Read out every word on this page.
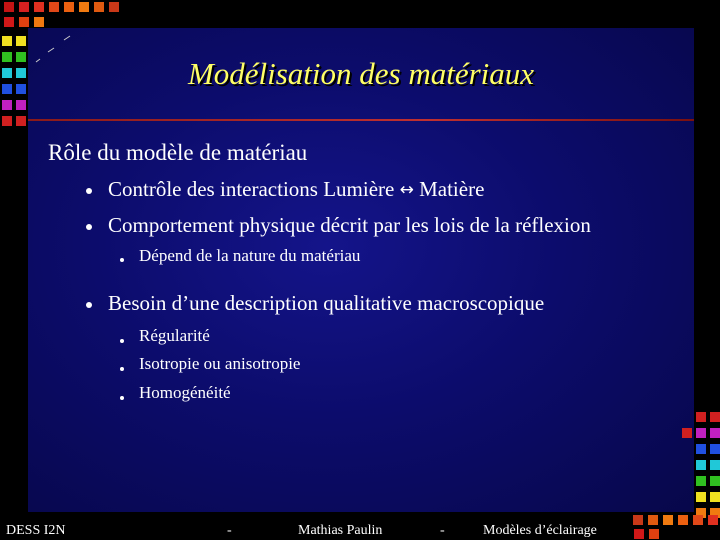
Modélisation des matériaux
Rôle du modèle de matériau
Contrôle des interactions Lumière ↔ Matière
Comportement physique décrit par les lois de la réflexion
Dépend de la nature du matériau
Besoin d’une description qualitative macroscopique
Régularité
Isotropie ou anisotropie
Homogénéité
DESS I2N	-	Mathias Paulin	-	Modèles d’éclairage
